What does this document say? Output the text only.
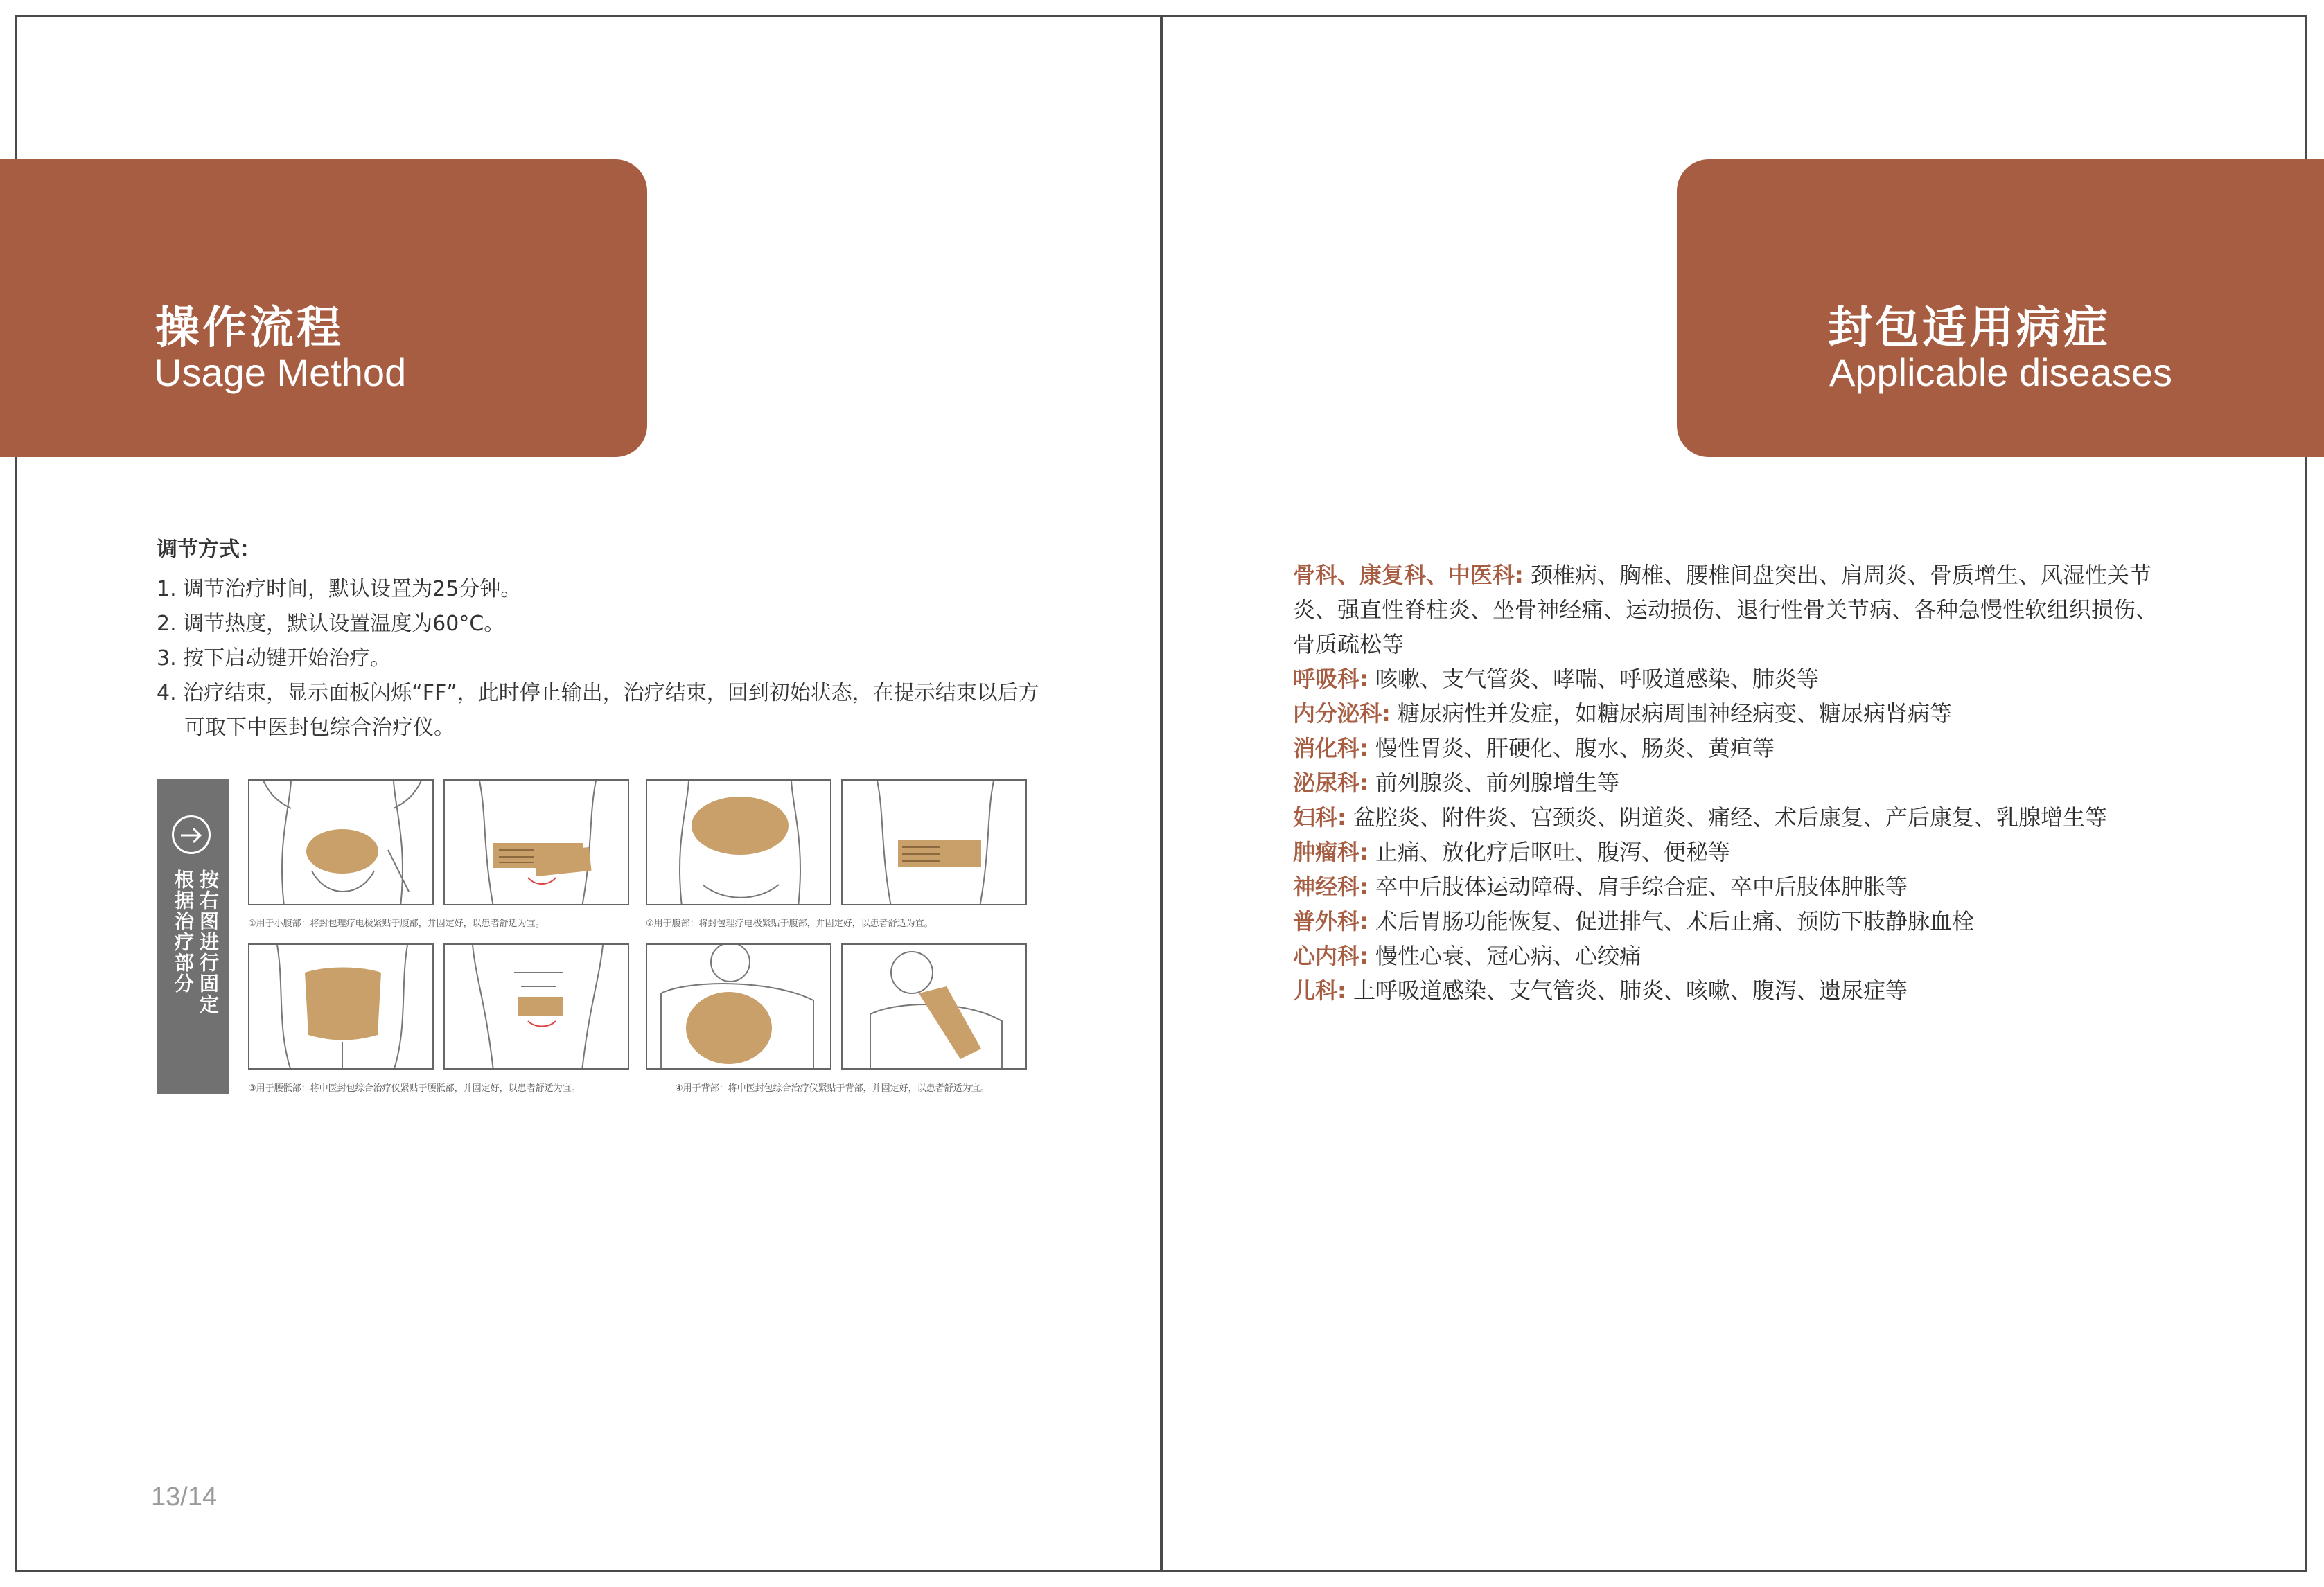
操作流程
Usage Method
封包适用病症
Applicable diseases
调节方式：
1. 调节治疗时间，默认设置为25分钟。
2. 调节热度，默认设置温度为60°C。
3. 按下启动键开始治疗。
4. 治疗结束，显示面板闪烁“FF”，此时停止输出，治疗结束，回到初始状态，在提示结束以后方
可取下中医封包综合治疗仪。
按右图进行固定
根据治疗部分	①用于小腹部：将封包理疗电极紧贴于腹部，并固定好，以患者舒适为宜。	②用于腹部：将封包理疗电极紧贴于腹部，并固定好，以患者舒适为宜。
③用于腰骶部：将中医封包综合治疗仪紧贴于腰骶部，并固定好，以患者舒适为宜。	④用于背部：将中医封包综合治疗仪紧贴于背部，并固定好，以患者舒适为宜。
13/14
骨科、康复科、中医科: 颈椎病、胸椎、腰椎间盘突出、肩周炎、骨质增生、风湿性关节
炎、强直性脊柱炎、坐骨神经痛、运动损伤、退行性骨关节病、各种急慢性软组织损伤、
骨质疏松等
呼吸科: 咳嗽、支气管炎、哮喘、呼吸道感染、肺炎等
内分泌科: 糖尿病性并发症，如糖尿病周围神经病变、糖尿病肾病等
消化科: 慢性胃炎、肝硬化、腹水、肠炎、黄疸等
泌尿科: 前列腺炎、前列腺增生等
妇科: 盆腔炎、附件炎、宫颈炎、阴道炎、痛经、术后康复、产后康复、乳腺增生等
肿瘤科: 止痛、放化疗后呕吐、腹泻、便秘等
神经科: 卒中后肢体运动障碍、肩手综合症、卒中后肢体肿胀等
普外科: 术后胃肠功能恢复、促进排气、术后止痛、预防下肢静脉血栓
心内科: 慢性心衰、冠心病、心绞痛
儿科: 上呼吸道感染、支气管炎、肺炎、咳嗽、腹泻、遗尿症等
